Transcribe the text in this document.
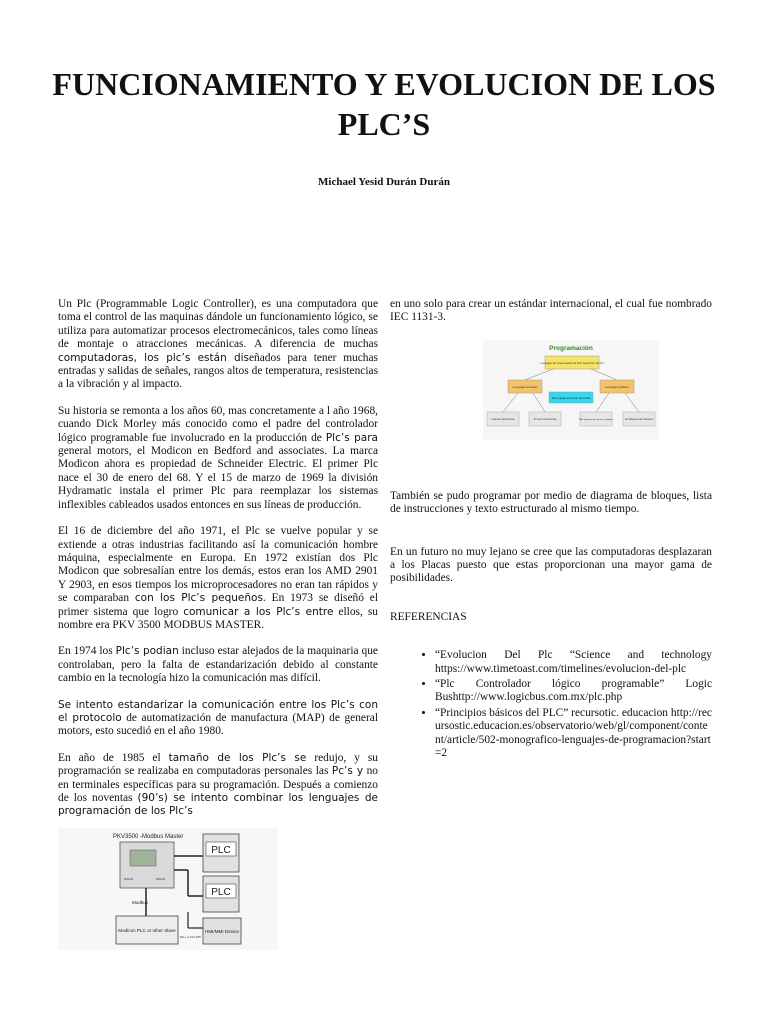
FUNCIONAMIENTO Y EVOLUCION DE LOS PLC’S
Michael Yesid Durán Durán

Un Plc (Programmable Logic Controller), es una computadora que toma el control de las maquinas dándole un funcionamiento lógico, se utiliza para automatizar procesos electromecánicos, tales como líneas de montaje o atracciones mecánicas. A diferencia de muchas computadoras, los plc’s están diseñados para tener muchas entradas y salidas de señales, rangos altos de temperatura, resistencias a la vibración y al impacto.

Su historia se remonta a los años 60, mas concretamente a l año 1968, cuando Dick Morley más conocido como el padre del controlador lógico programable fue involucrado en la producción de Plc’s para general motors, el Modicon en Bedford and associates. La marca Modicon ahora es propiedad de Schneider Electric. El primer Plc nace el 30 de enero del 68. Y el 15 de marzo de 1969 la división Hydramatic instala el primer Plc para reemplazar los sistemas inflexibles cableados usados entonces en sus líneas de producción.

El 16 de diciembre del año 1971, el Plc se vuelve popular y se extiende a otras industrias facilitando así la comunicación hombre máquina, especialmente en Europa. En 1972 existían dos Plc Modicon que sobresalían entre los demás, estos eran los AMD 2901 Y 2903, en esos tiempos los microprocesadores no eran tan rápidos y se comparaban con los Plc’s pequeños. En 1973 se diseñó el primer sistema que logro comunicar a los Plc’s entre ellos, su nombre era PKV 3500 MODBUS MASTER.

En 1974 los Plc’s podian incluso estar alejados de la maquinaria que controlaban, pero la falta de estandarización debido al constante cambio en la tecnología hizo la comunicación mas difícil.

Se intento estandarizar la comunicación entre los Plc’s con el protocolo de automatización de manufactura (MAP) de general motors, esto sucedió en el año 1980.

En año de 1985 el tamaño de los Plc’s se redujo, y su programación se realizaba en computadoras personales las Pc’s y no en terminales específicas para su programación. Después a comienzo de los noventas (90’s) se intento combinar los lenguajes de programación de los Plc’s

en uno solo para crear un estándar internacional, el cual fue nombrado IEC 1131-3.

También se pudo programar por medio de diagrama de bloques, lista de instrucciones y texto estructurado al mismo tiempo.

En un futuro no muy lejano se cree que las computadoras desplazaran a los Placas puesto que estas proporcionan una mayor gama de posibilidades.

REFERENCIAS

• “Evolucion Del Plc “Science and technology https://www.timetoast.com/timelines/evolucion-del-plc
• “Plc Controlador lógico programable” Logic Bushttp://www.logicbus.com.mx/plc.php
• “Principios básicos del PLC” recursotic. educacion http://recursostic.educacion.es/observatorio/web/gl/component/content/article/502-monografico-lenguajes-de-programacion?start=2
Programación
Lenguajes de programación de PLC según IEC 1131-3
Lenguajes textuales	Lenguajes gráficos
Mas lenguaje de función secuencial
Lista de instrucciones	ST texto estructurado	FBD diagrama de función en bloques	LD diagrama de contactos
PKV3500 -Modbus Master
RS232	RS232
Modbus
PLC
PLC
Modicon PLC or other Slave
DH+ or DH-485
HMI/MMI Device
